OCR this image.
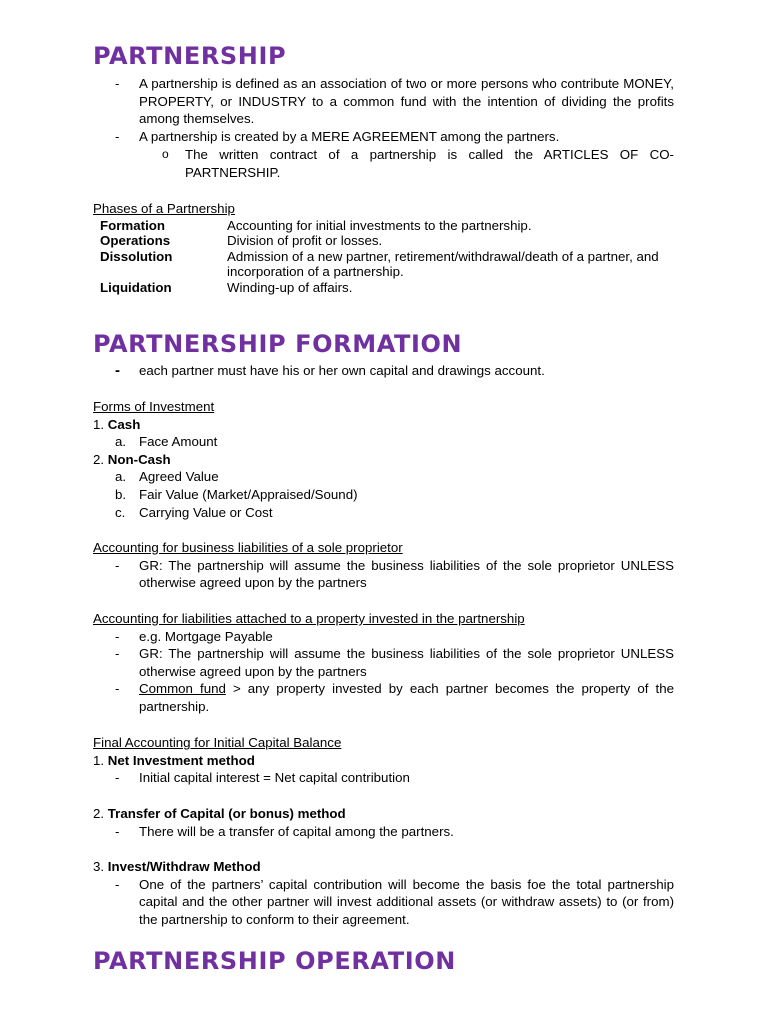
PARTNERSHIP
- A partnership is defined as an association of two or more persons who contribute MONEY, PROPERTY, or INDUSTRY to a common fund with the intention of dividing the profits among themselves.
- A partnership is created by a MERE AGREEMENT among the partners.
o The written contract of a partnership is called the ARTICLES OF CO-PARTNERSHIP.
Phases of a Partnership
Formation	Accounting for initial investments to the partnership.
Operations	Division of profit or losses.
Dissolution	Admission of a new partner, retirement/withdrawal/death of a partner, and incorporation of a partnership.
Liquidation	Winding-up of affairs.
PARTNERSHIP FORMATION
- each partner must have his or her own capital and drawings account.
Forms of Investment
1. Cash
a. Face Amount
2. Non-Cash
a. Agreed Value
b. Fair Value (Market/Appraised/Sound)
c. Carrying Value or Cost
Accounting for business liabilities of a sole proprietor
- GR: The partnership will assume the business liabilities of the sole proprietor UNLESS otherwise agreed upon by the partners
Accounting for liabilities attached to a property invested in the partnership
- e.g. Mortgage Payable
- GR: The partnership will assume the business liabilities of the sole proprietor UNLESS otherwise agreed upon by the partners
- Common fund > any property invested by each partner becomes the property of the partnership.
Final Accounting for Initial Capital Balance
1. Net Investment method
- Initial capital interest = Net capital contribution
2. Transfer of Capital (or bonus) method
- There will be a transfer of capital among the partners.
3. Invest/Withdraw Method
- One of the partners’ capital contribution will become the basis foe the total partnership capital and the other partner will invest additional assets (or withdraw assets) to (or from) the partnership to conform to their agreement.
PARTNERSHIP OPERATION
